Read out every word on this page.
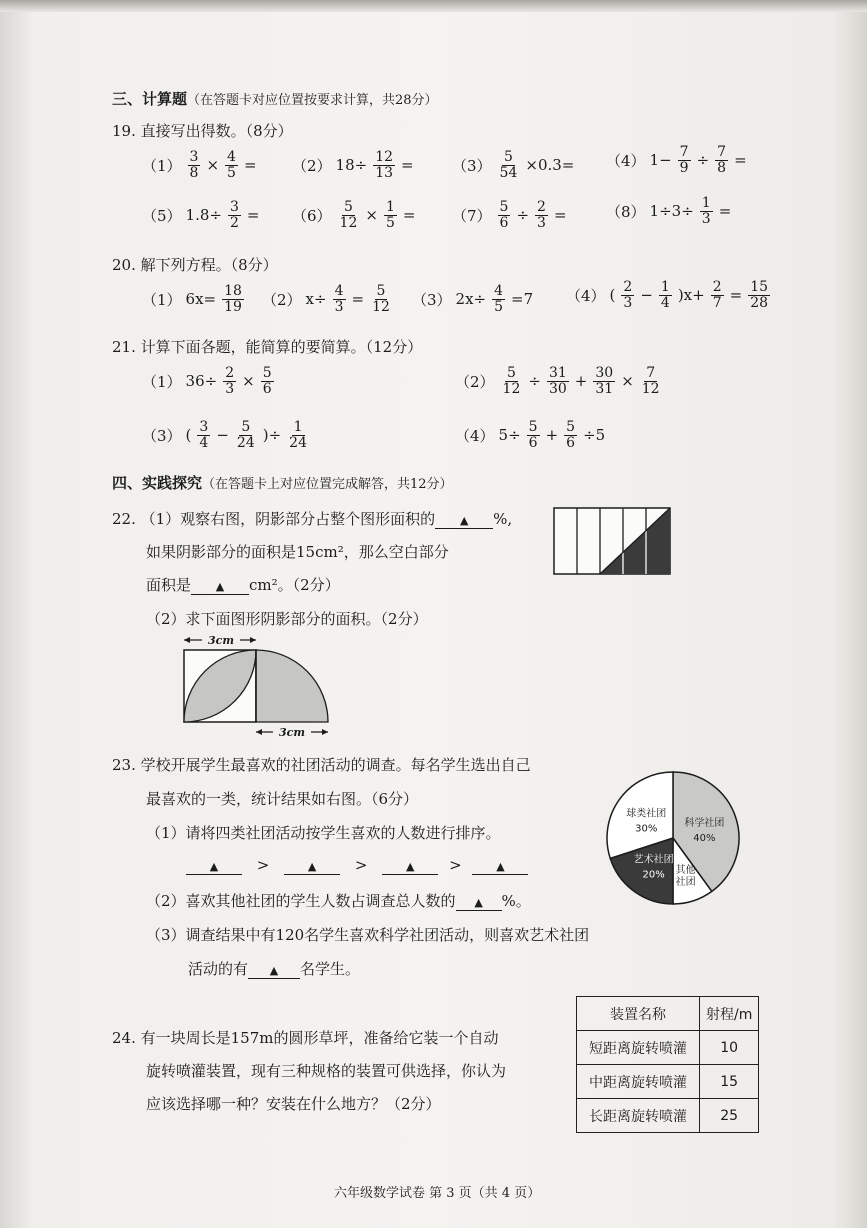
三、计算题（在答题卡对应位置按要求计算，共28分）
19. 直接写出得数。（8分）
$(1) \frac{3}{8} \times \frac{4}{5} = (2)$ $18\div \frac{12}{13}$ =	$(3) \frac{5}{54} \times 0.3= (4)$ $1- \frac{7}{9} \div \frac{7}{8}$ =
（5） $1.8\div \frac{3}{2} = (6) \frac{5}{12} \times \frac{1}{5} = (7) \frac{5}{6} \div \frac{2}{3}$ =	（8） $1\div 3\div \frac{1}{3}$ =
20. 解下列方程。（8分）
（1） $6x= \frac{18}{19} (2)$ $x\div \frac{4}{3} = \frac{5}{12} (3)$ $2x\div \frac{4}{5} =7$ （4） ( $\frac{2}{3} - \frac{1}{4} )x+ \frac{2}{7} = \frac{15}{28}$
21. 计算下面各题，能简算的要简算。（12分）
（1） $36\div \frac{2}{3} \times \frac{5}{6}$	$(2) \frac{5}{12} \div \frac{31}{30} + \frac{30}{31} \times \frac{7}{12}$
（3） ( $\frac{3}{4} - \frac{5}{24}$ )÷ $\frac{1}{24}$	（4） $5\div \frac{5}{6} + \frac{5}{6} \div 5$
四、实践探究（在答题卡上对应位置完成解答，共12分）
22. （1）观察右图，阴影部分占整个图形面积的 ▲ %,
如果阴影部分的面积是15cm²，那么空白部分
面积是 ▲ cm²。（2分）
（2）求下面图形阴影部分的面积。（2分）
3cm
3cm
23. 学校开展学生最喜欢的社团活动的调查。每名学生选出自己
最喜欢的一类，统计结果如右图。（6分）
（1）请将四类社团活动按学生喜欢的人数进行排序。
▲	>	▲	>	▲ >	▲
（2）喜欢其他社团的学生人数占调查总人数的 ▲ %。
（3）调查结果中有120名学生喜欢科学社团活动，则喜欢艺术社团
活动的有 ▲ 名学生。
科学社团
40%
其他
社团
艺术社团
20%
球类社团
30%
24. 有一块周长是157m的圆形草坪，准备给它装一个自动
旋转喷灌装置，现有三种规格的装置可供选择，你认为
应该选择哪一种？安装在什么地方？（2分）
装置名称	射程/m
短距离旋转喷灌	10
中距离旋转喷灌	15
长距离旋转喷灌	25
六年级数学试卷 第 3 页（共 4 页）
